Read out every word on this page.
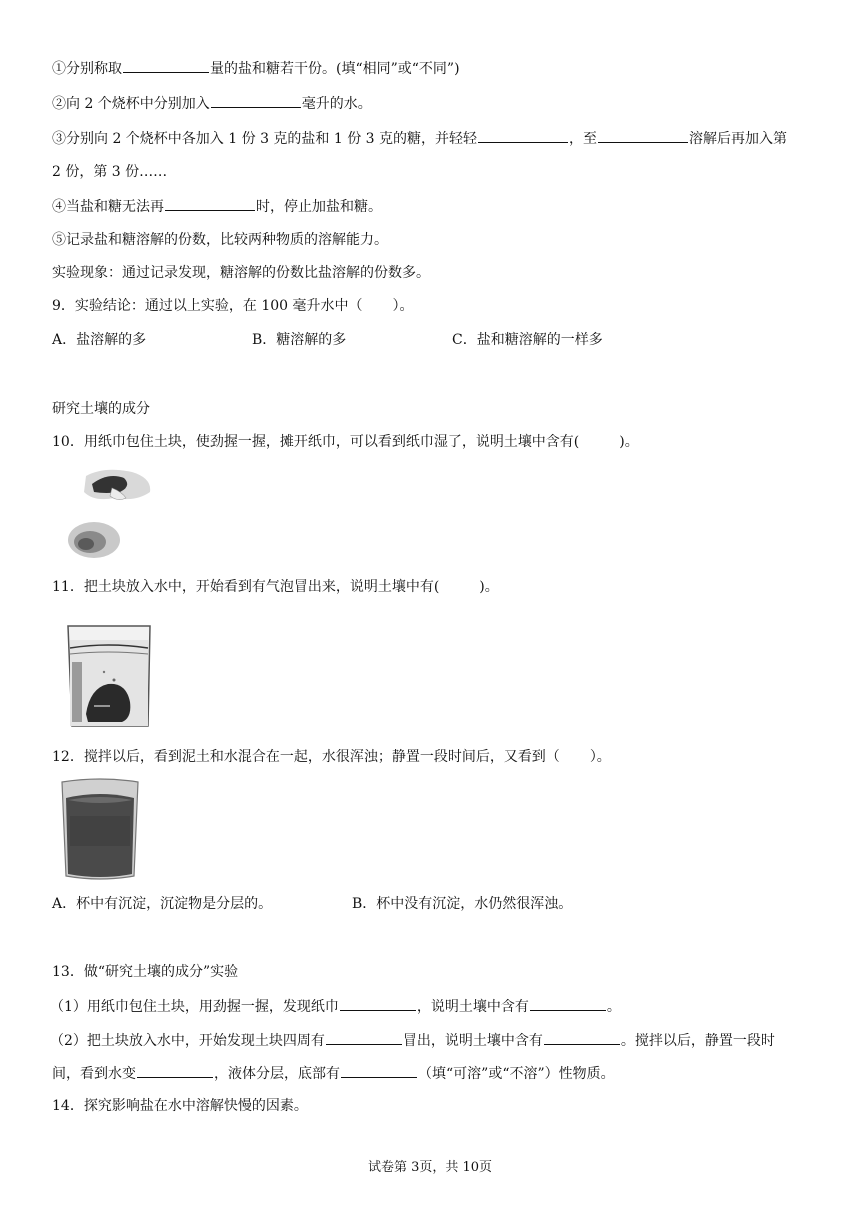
①分别称取	量的盐和糖若干份。(填“相同”或“不同”)
②向 2 个烧杯中分别加入	毫升的水。
③分别向 2 个烧杯中各加入 1 份 3 克的盐和 1 份 3 克的糖，并轻轻	，至	溶解后再加入第
2 份，第 3 份……
④当盐和糖无法再	时，停止加盐和糖。
⑤记录盐和糖溶解的份数，比较两种物质的溶解能力。
实验现象：通过记录发现，糖溶解的份数比盐溶解的份数多。
9．实验结论：通过以上实验，在 100 毫升水中（ ）。
A．盐溶解的多	B．糖溶解的多	C．盐和糖溶解的一样多
研究土壤的成分
10．用纸巾包住土块，使劲握一握，摊开纸巾，可以看到纸巾湿了，说明土壤中含有(	)。
11．把土块放入水中，开始看到有气泡冒出来，说明土壤中有(	)。
12．搅拌以后，看到泥土和水混合在一起，水很浑浊；静置一段时间后，又看到（ ）。
A．杯中有沉淀，沉淀物是分层的。	B．杯中没有沉淀，水仍然很浑浊。
13．做“研究土壤的成分”实验
（1）用纸巾包住土块，用劲握一握，发现纸巾	，说明土壤中含有	。
（2）把土块放入水中，开始发现土块四周有	冒出，说明土壤中含有	。搅拌以后，静置一段时
间，看到水变	，液体分层，底部有	（填“可溶”或“不溶”）性物质。
14．探究影响盐在水中溶解快慢的因素。
试卷第 3页，共 10页
